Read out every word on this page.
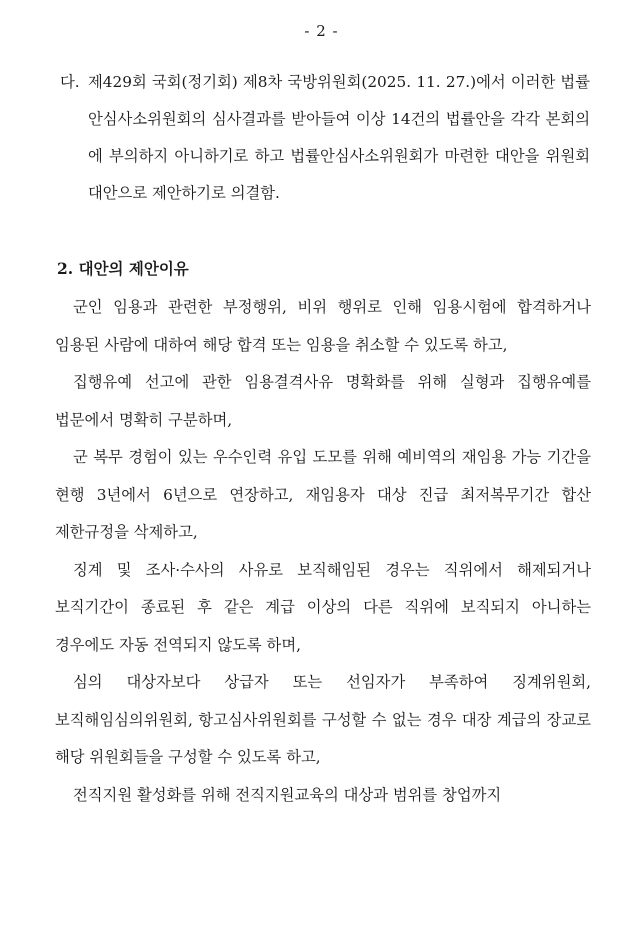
- 2 -
다. 제429회 국회(정기회) 제8차 국방위원회(2025. 11. 27.)에서 이러한 법률안심사소위원회의 심사결과를 받아들여 이상 14건의 법률안을 각각 본회의에 부의하지 아니하기로 하고 법률안심사소위원회가 마련한 대안을 위원회 대안으로 제안하기로 의결함.
2. 대안의 제안이유

군인 임용과 관련한 부정행위, 비위 행위로 인해 임용시험에 합격하거나 임용된 사람에 대하여 해당 합격 또는 임용을 취소할 수 있도록 하고,

집행유예 선고에 관한 임용결격사유 명확화를 위해 실형과 집행유예를 법문에서 명확히 구분하며,

군 복무 경험이 있는 우수인력 유입 도모를 위해 예비역의 재임용 가능 기간을 현행 3년에서 6년으로 연장하고, 재임용자 대상 진급 최저복무기간 합산 제한규정을 삭제하고,

징계 및 조사·수사의 사유로 보직해임된 경우는 직위에서 해제되거나 보직기간이 종료된 후 같은 계급 이상의 다른 직위에 보직되지 아니하는 경우에도 자동 전역되지 않도록 하며,

심의 대상자보다 상급자 또는 선임자가 부족하여 징계위원회, 보직해임심의위원회, 항고심사위원회를 구성할 수 없는 경우 대장 계급의 장교로 해당 위원회들을 구성할 수 있도록 하고,

전직지원 활성화를 위해 전직지원교육의 대상과 범위를 창업까지
